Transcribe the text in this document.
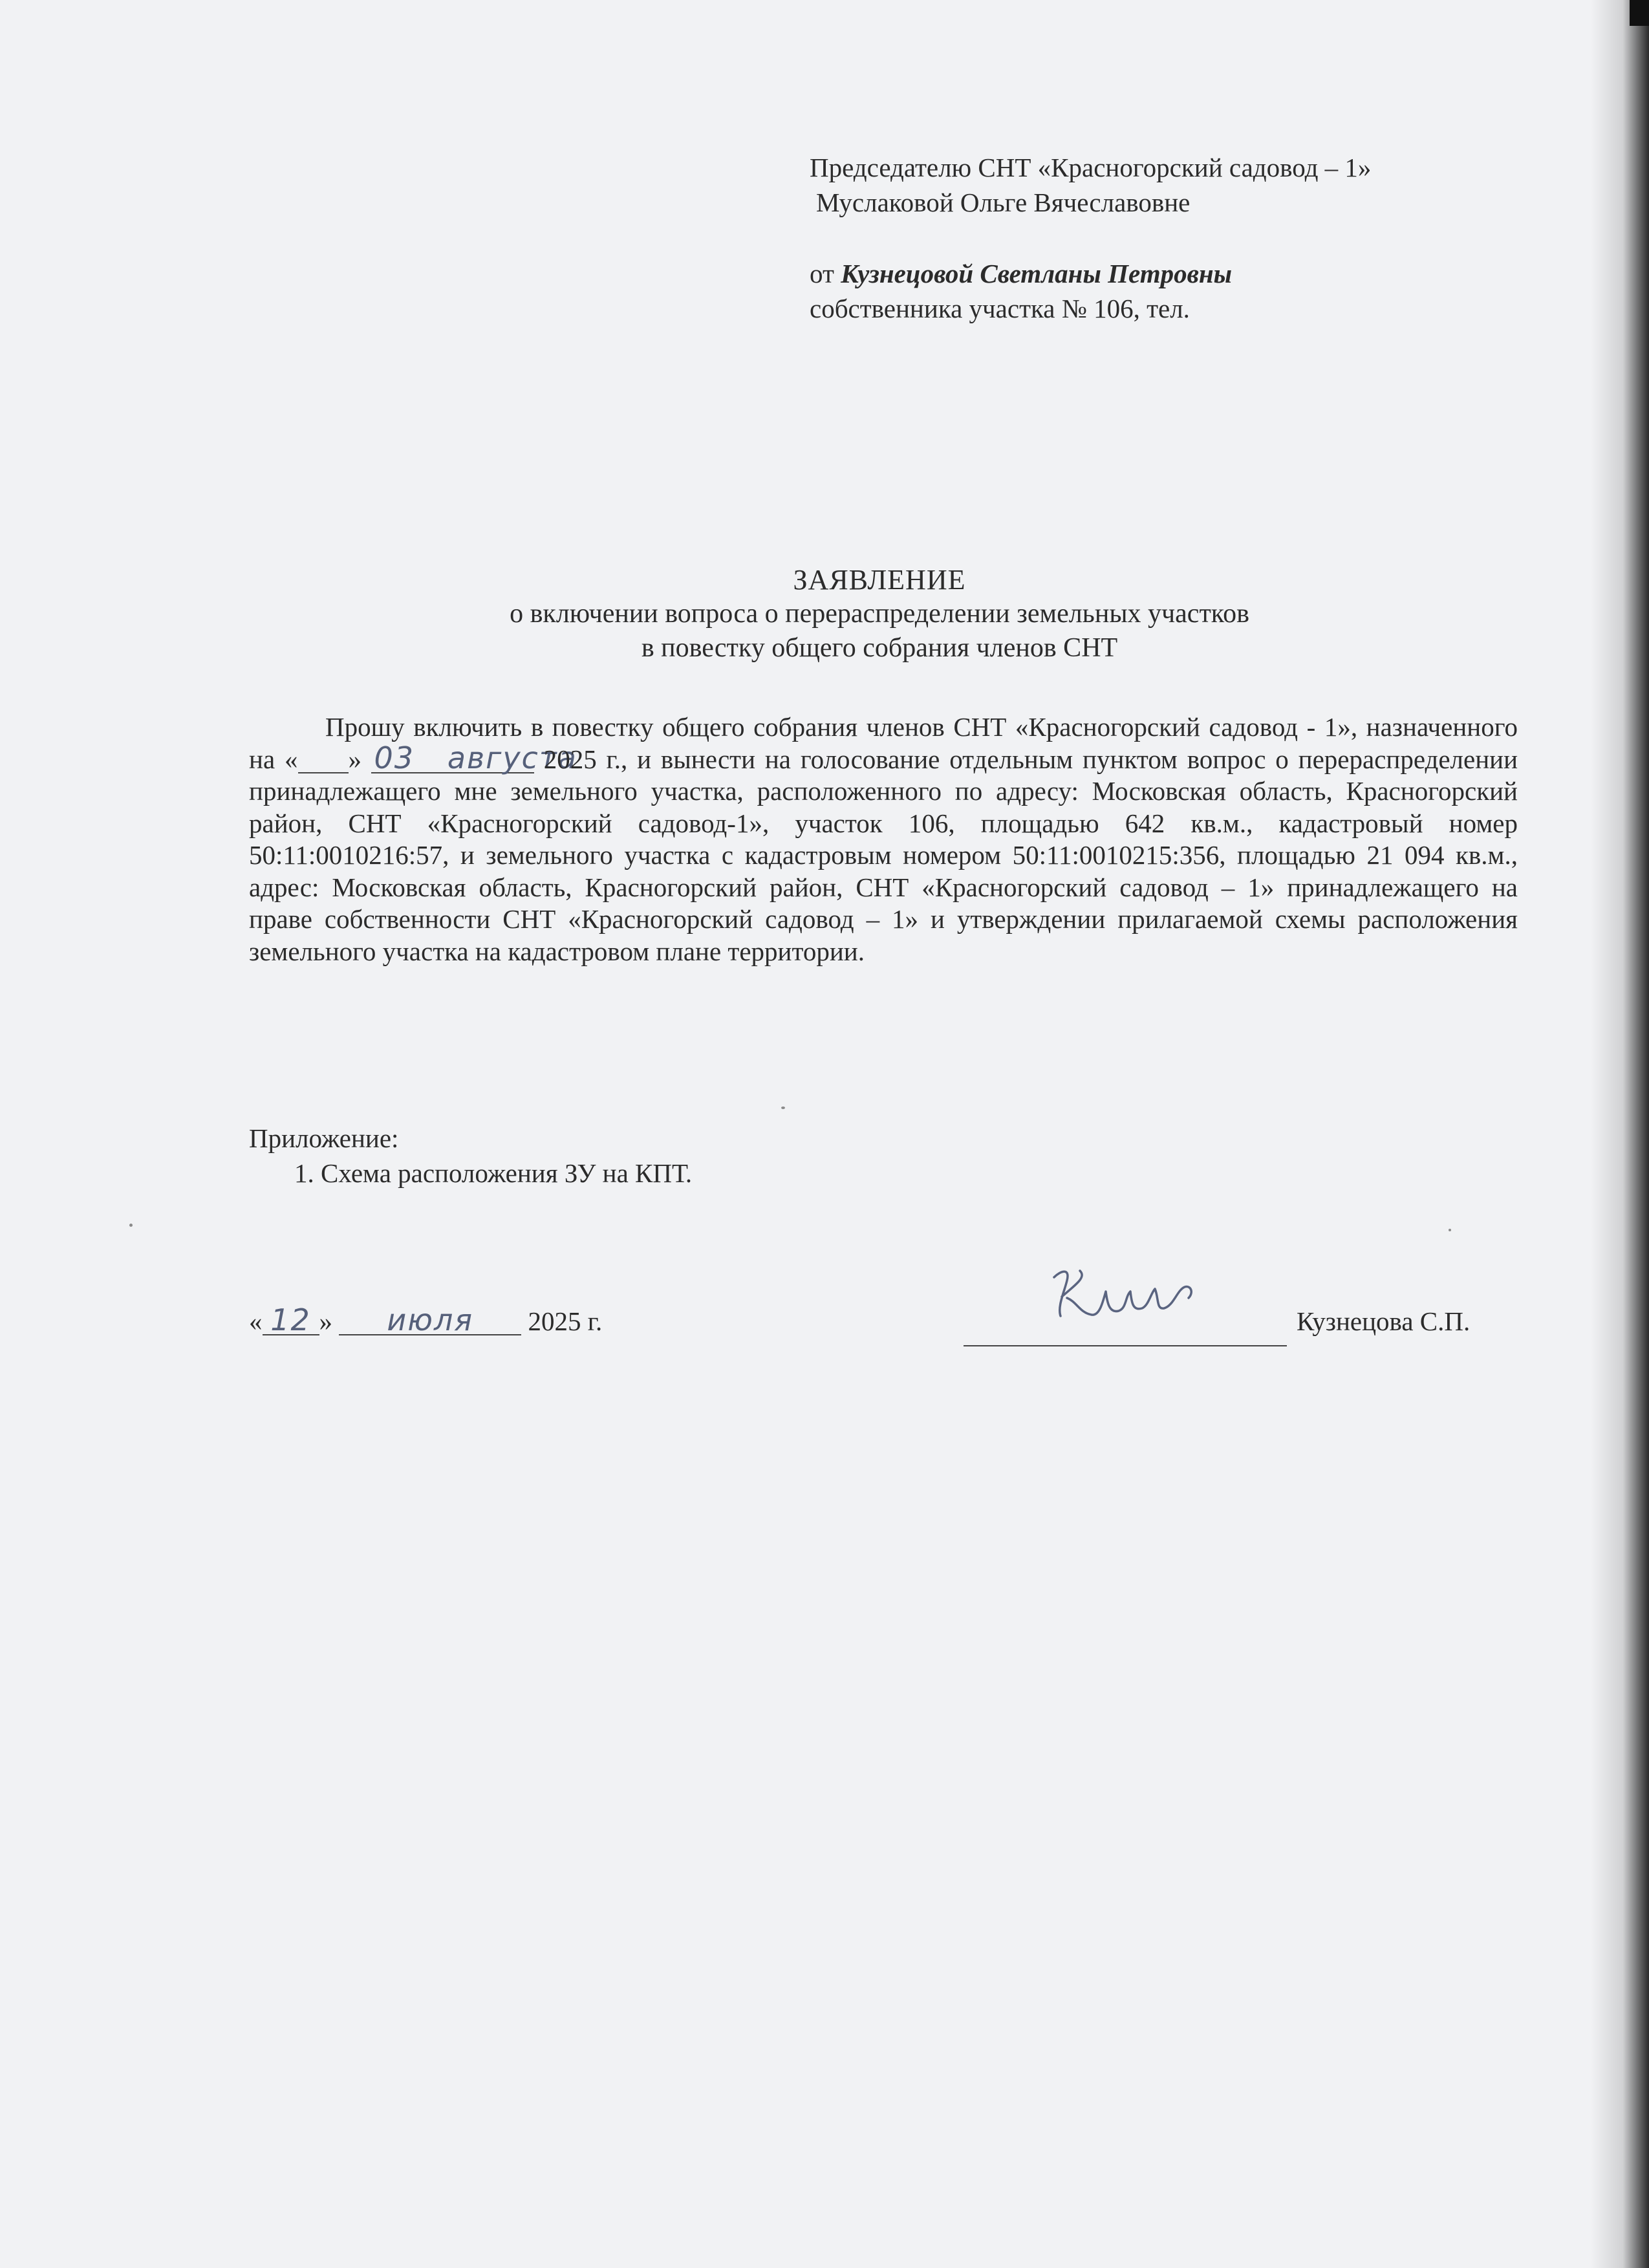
Председателю СНТ «Красногорский садовод – 1»
Муслаковой Ольге Вячеславовне
от Кузнецовой Светланы Петровны
собственника участка № 106, тел.
ЗАЯВЛЕНИЕ
о включении вопроса о перераспределении земельных участков
в повестку общего собрания членов СНТ

Прошу включить в повестку общего собрания членов СНТ «Красногорский садовод - 1», назначенного на «	03»	августа 2025 г., и вынести на голосование отдельным пунктом вопрос о перераспределении принадлежащего мне земельного участка, расположенного по адресу: Московская область, Красногорский район, СНТ «Красногорский садовод-1», участок 106, площадью 642 кв.м., кадастровый номер 50:11:0010216:57, и земельного участка с кадастровым номером 50:11:0010215:356, площадью 21 094 кв.м., адрес: Московская область, Красногорский район, СНТ «Красногорский садовод – 1» принадлежащего на праве собственности СНТ «Красногорский садовод – 1» и утверждении прилагаемой схемы расположения земельного участка на кадастровом плане территории.

Приложение:
1. Схема расположения ЗУ на КПТ.
« 12 » июля 2025 г.	Кузнецова С.П.
